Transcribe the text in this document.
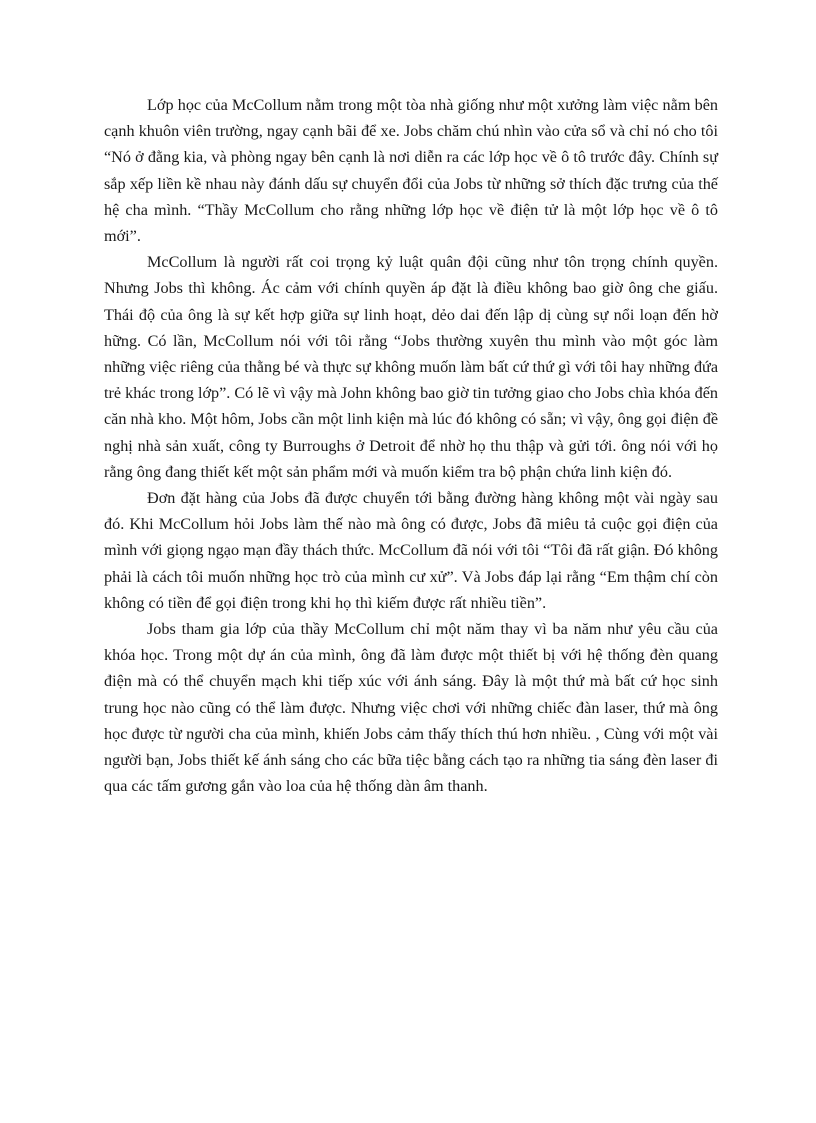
Lớp học của McCollum nằm trong một tòa nhà giống như một xưởng làm việc nằm bên cạnh khuôn viên trường, ngay cạnh bãi để xe. Jobs chăm chú nhìn vào cửa sổ và chỉ nó cho tôi “Nó ở đằng kia, và phòng ngay bên cạnh là nơi diễn ra các lớp học về ô tô trước đây. Chính sự sắp xếp liền kề nhau này đánh dấu sự chuyển đổi của Jobs từ những sở thích đặc trưng của thế hệ cha mình. “Thầy McCollum cho rằng những lớp học về điện tử là một lớp học về ô tô mới”.

McCollum là người rất coi trọng kỷ luật quân đội cũng như tôn trọng chính quyền. Nhưng Jobs thì không. Ác cảm với chính quyền áp đặt là điều không bao giờ ông che giấu. Thái độ của ông là sự kết hợp giữa sự linh hoạt, dẻo dai đến lập dị cùng sự nổi loạn đến hờ hững. Có lần, McCollum nói với tôi rằng “Jobs thường xuyên thu mình vào một góc làm những việc riêng của thằng bé và thực sự không muốn làm bất cứ thứ gì với tôi hay những đứa trẻ khác trong lớp”. Có lẽ vì vậy mà John không bao giờ tin tưởng giao cho Jobs chìa khóa đến căn nhà kho. Một hôm, Jobs cần một linh kiện mà lúc đó không có sẵn; vì vậy, ông gọi điện đề nghị nhà sản xuất, công ty Burroughs ở Detroit để nhờ họ thu thập và gửi tới. ông nói với họ rằng ông đang thiết kết một sản phẩm mới và muốn kiểm tra bộ phận chứa linh kiện đó.

Đơn đặt hàng của Jobs đã được chuyển tới bằng đường hàng không một vài ngày sau đó. Khi McCollum hỏi Jobs làm thế nào mà ông có được, Jobs đã miêu tả cuộc gọi điện của mình với giọng ngạo mạn đầy thách thức. McCollum đã nói với tôi “Tôi đã rất giận. Đó không phải là cách tôi muốn những học trò của mình cư xử”. Và Jobs đáp lại rằng “Em thậm chí còn không có tiền để gọi điện trong khi họ thì kiếm được rất nhiều tiền”.

Jobs tham gia lớp của thầy McCollum chỉ một năm thay vì ba năm như yêu cầu của khóa học. Trong một dự án của mình, ông đã làm được một thiết bị với hệ thống đèn quang điện mà có thể chuyển mạch khi tiếp xúc với ánh sáng. Đây là một thứ mà bất cứ học sinh trung học nào cũng có thể làm được. Nhưng việc chơi với những chiếc đàn laser, thứ mà ông học được từ người cha của mình, khiến Jobs cảm thấy thích thú hơn nhiều. , Cùng với một vài người bạn, Jobs thiết kế ánh sáng cho các bữa tiệc bằng cách tạo ra những tia sáng đèn laser đi qua các tấm gương gắn vào loa của hệ thống dàn âm thanh.
